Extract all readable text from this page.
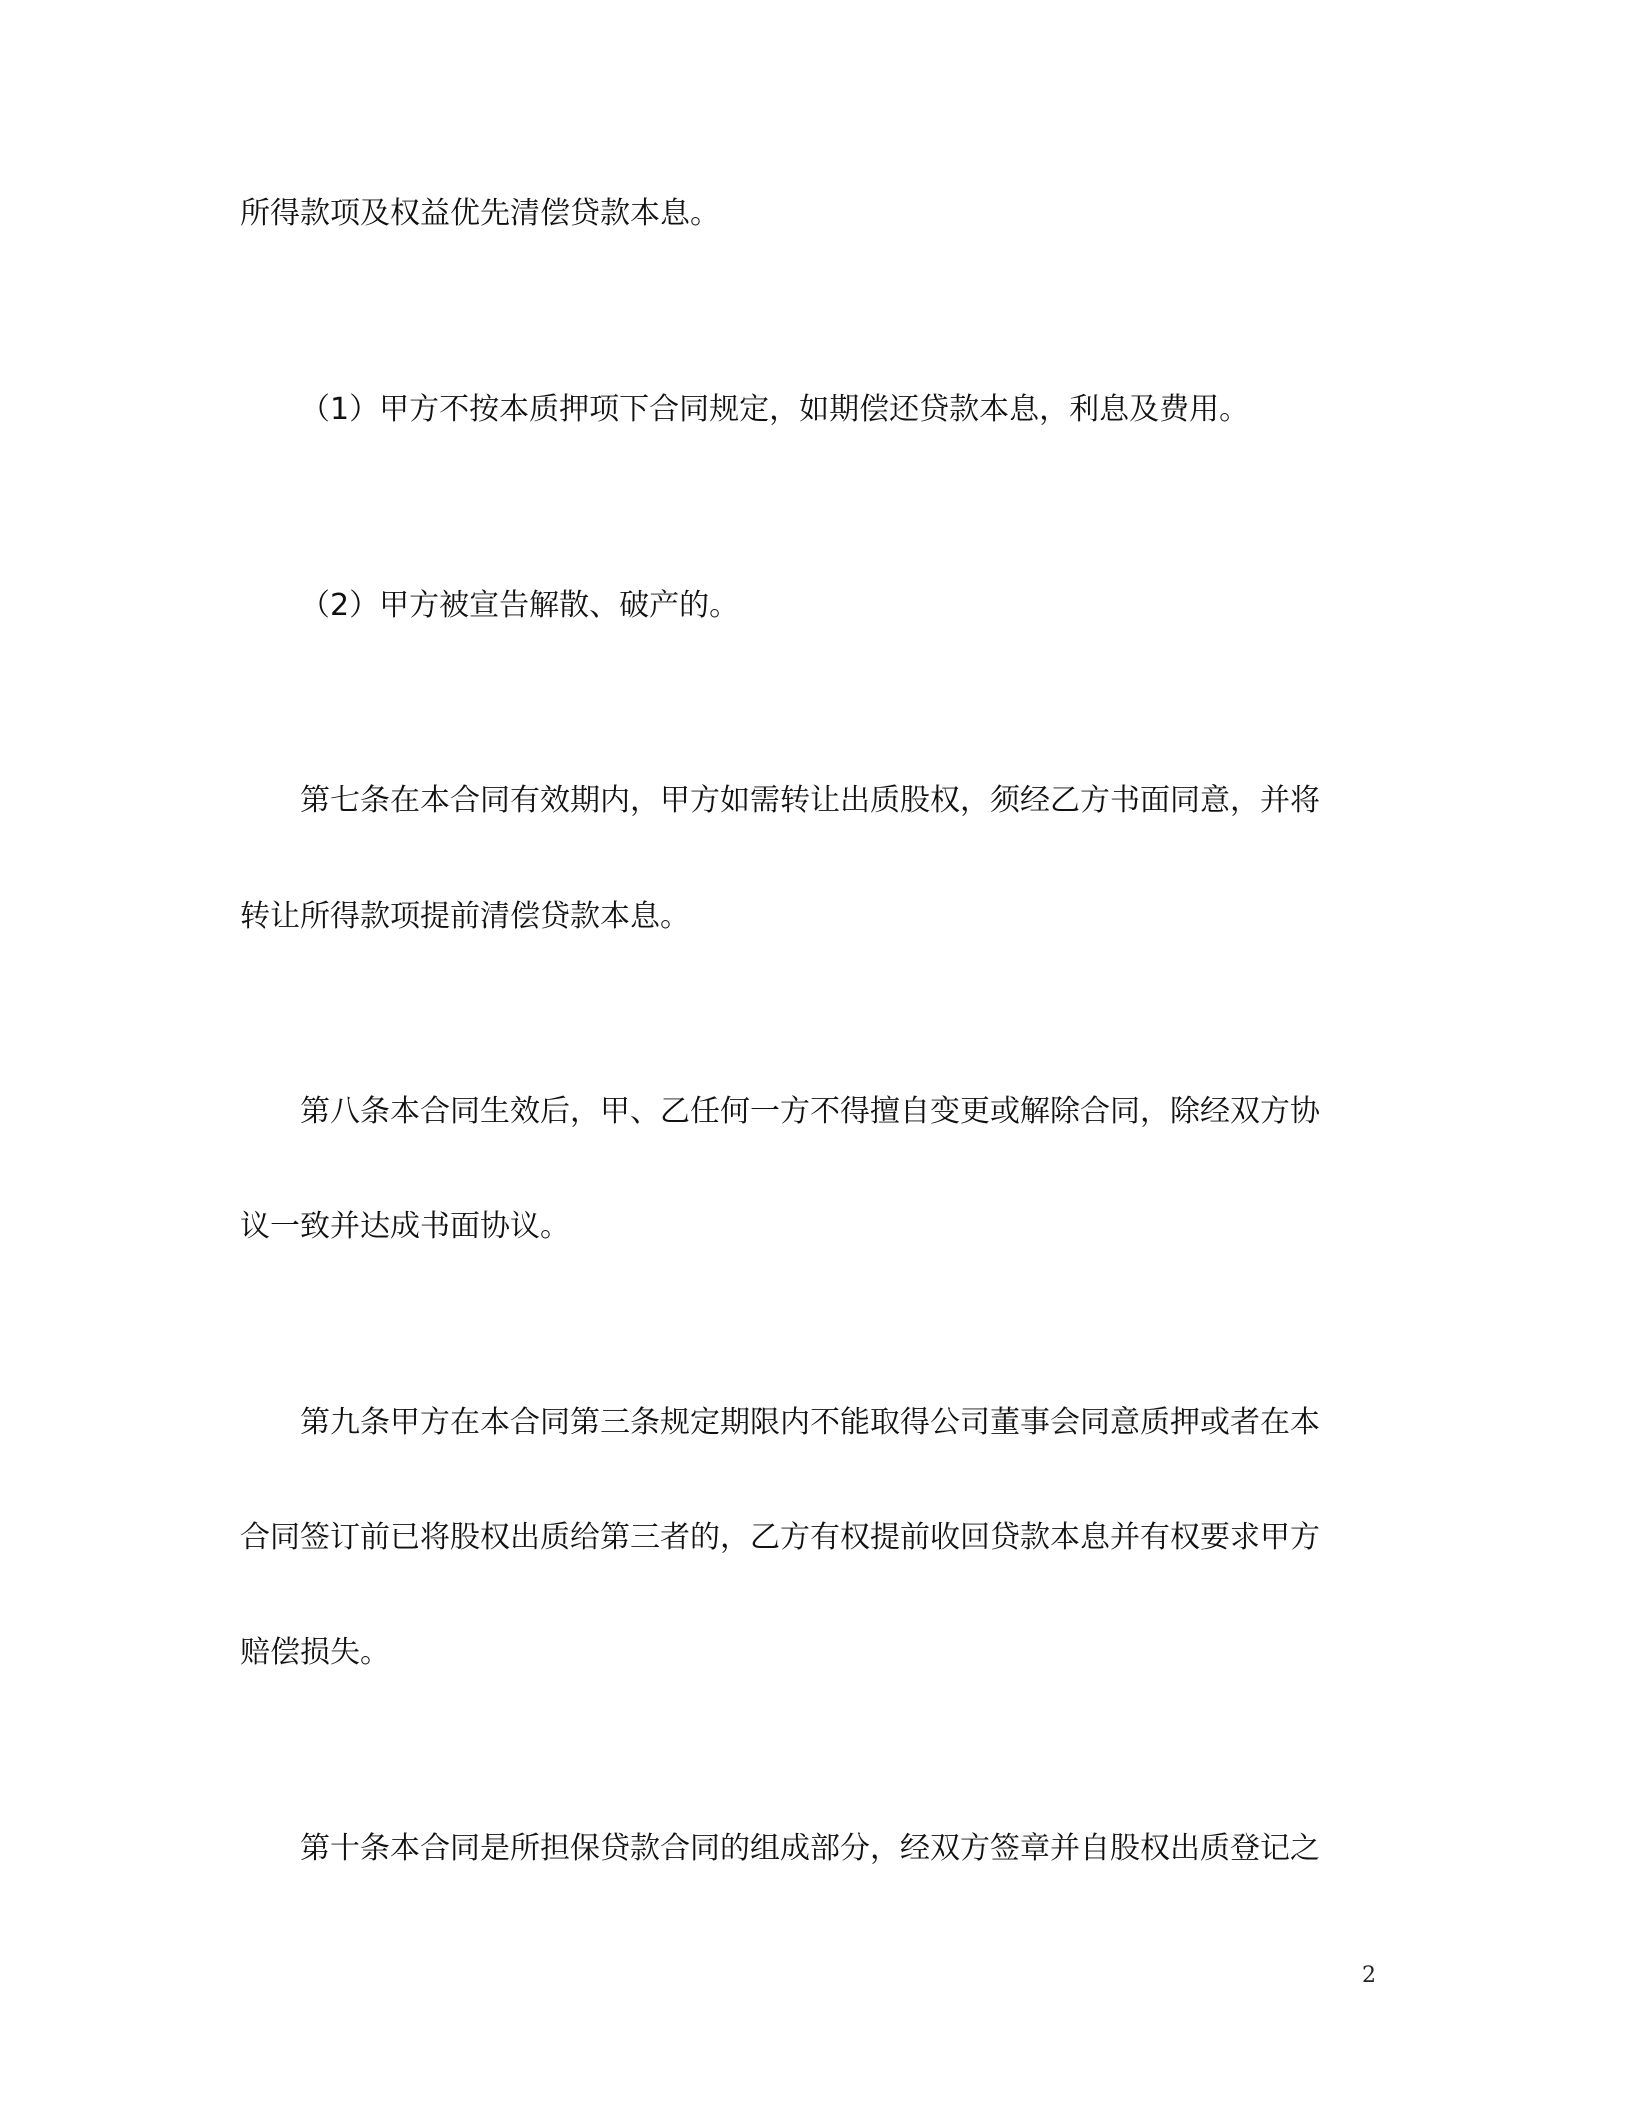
所得款项及权益优先清偿贷款本息。

（1）甲方不按本质押项下合同规定，如期偿还贷款本息，利息及费用。

（2）甲方被宣告解散、破产的。

第七条在本合同有效期内，甲方如需转让出质股权，须经乙方书面同意，并将

转让所得款项提前清偿贷款本息。

第八条本合同生效后，甲、乙任何一方不得擅自变更或解除合同，除经双方协

议一致并达成书面协议。

第九条甲方在本合同第三条规定期限内不能取得公司董事会同意质押或者在本

合同签订前已将股权出质给第三者的，乙方有权提前收回贷款本息并有权要求甲方

赔偿损失。

第十条本合同是所担保贷款合同的组成部分，经双方签章并自股权出质登记之

2
